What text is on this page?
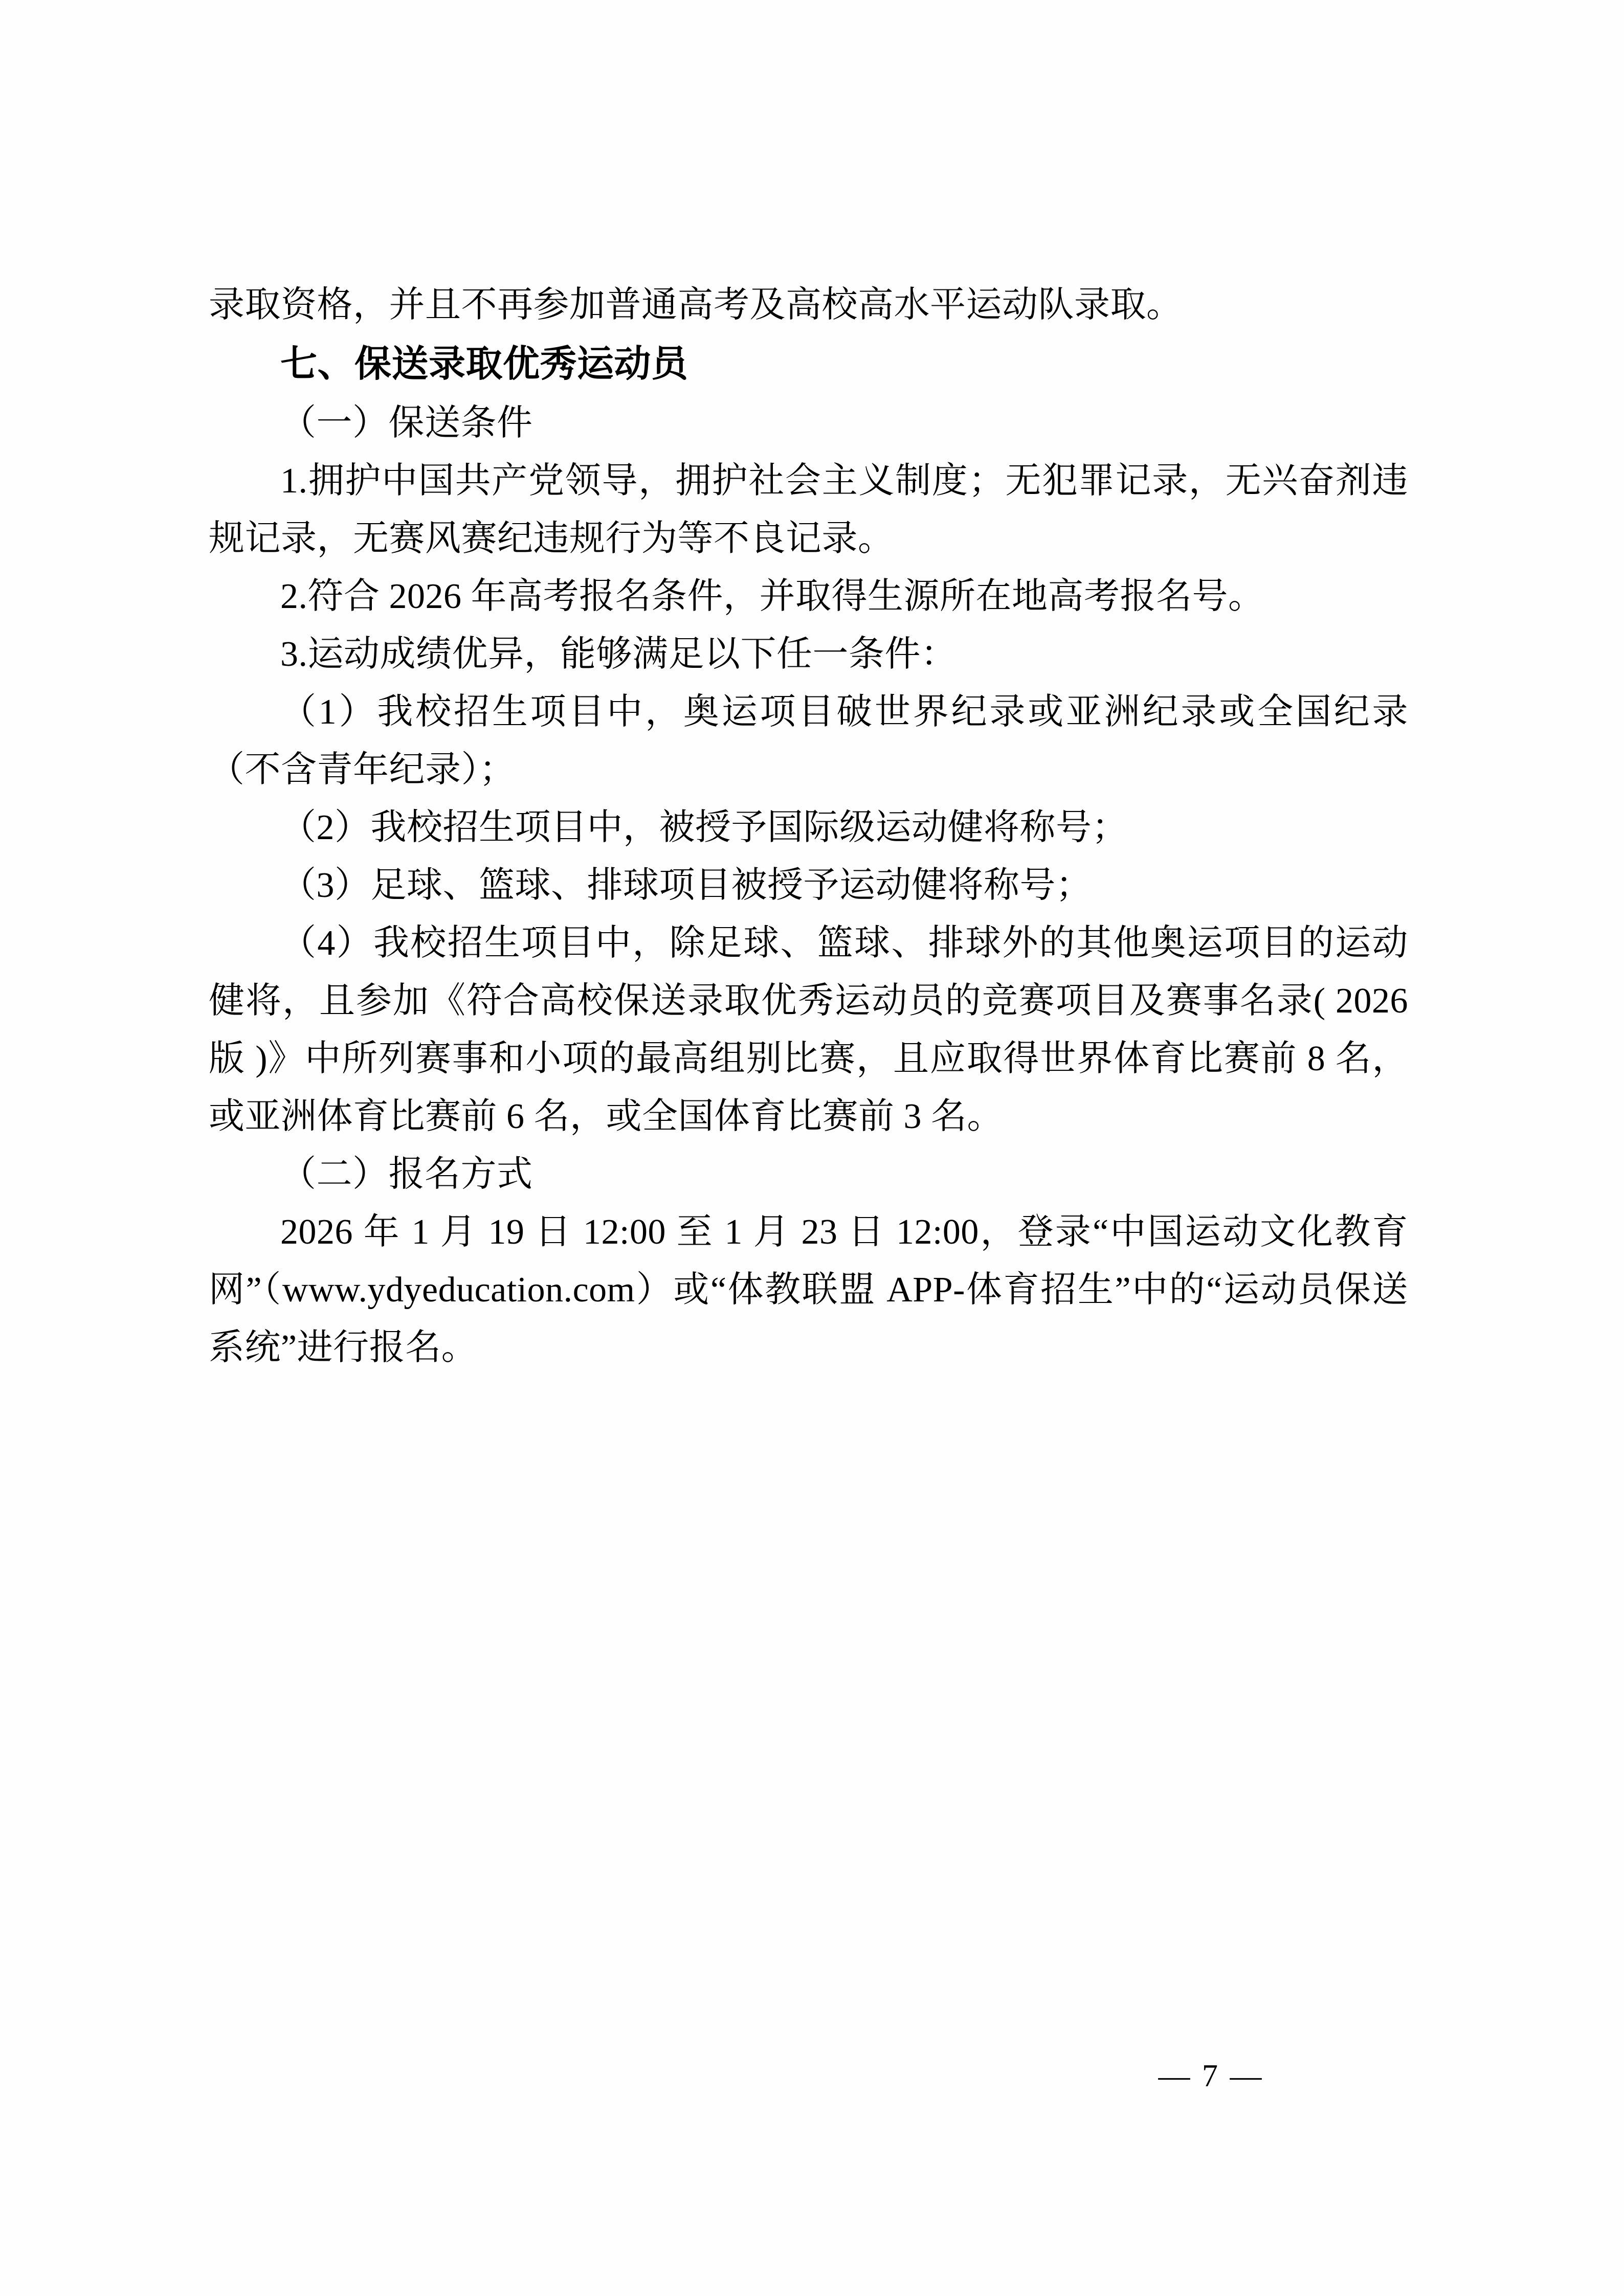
录取资格，并且不再参加普通高考及高校高水平运动队录取。

七、保送录取优秀运动员

（一）保送条件

1.拥护中国共产党领导，拥护社会主义制度；无犯罪记录，无兴奋剂违规记录，无赛风赛纪违规行为等不良记录。

2.符合 2026 年高考报名条件，并取得生源所在地高考报名号。

3.运动成绩优异，能够满足以下任一条件：

（1）我校招生项目中，奥运项目破世界纪录或亚洲纪录或全国纪录（不含青年纪录）；

（2）我校招生项目中，被授予国际级运动健将称号；

（3）足球、篮球、排球项目被授予运动健将称号；

（4）我校招生项目中，除足球、篮球、排球外的其他奥运项目的运动健将，且参加《符合高校保送录取优秀运动员的竞赛项目及赛事名录( 2026 版 )》中所列赛事和小项的最高组别比赛，且应取得世界体育比赛前 8 名，或亚洲体育比赛前 6 名，或全国体育比赛前 3 名。

（二）报名方式

2026 年 1 月 19 日 12:00 至 1 月 23 日 12:00，登录“中国运动文化教育网”（www.ydyeducation.com）或“体教联盟 APP-体育招生”中的“运动员保送系统”进行报名。

— 7 —
